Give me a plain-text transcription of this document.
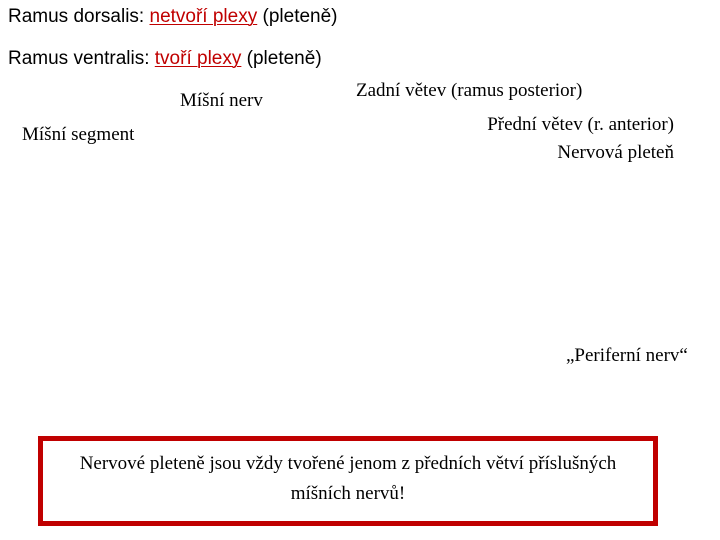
Ramus dorsalis: netvoří plexy (pleteně)
Ramus ventralis: tvoří plexy (pleteně)
Zadní větev (ramus posterior)
Míšní nerv
Přední větev (r. anterior)
Míšní segment
Nervová pleteň
„Periferní nerv“
Nervové pleteně jsou vždy tvořené jenom z předních větví příslušných míšních nervů!
